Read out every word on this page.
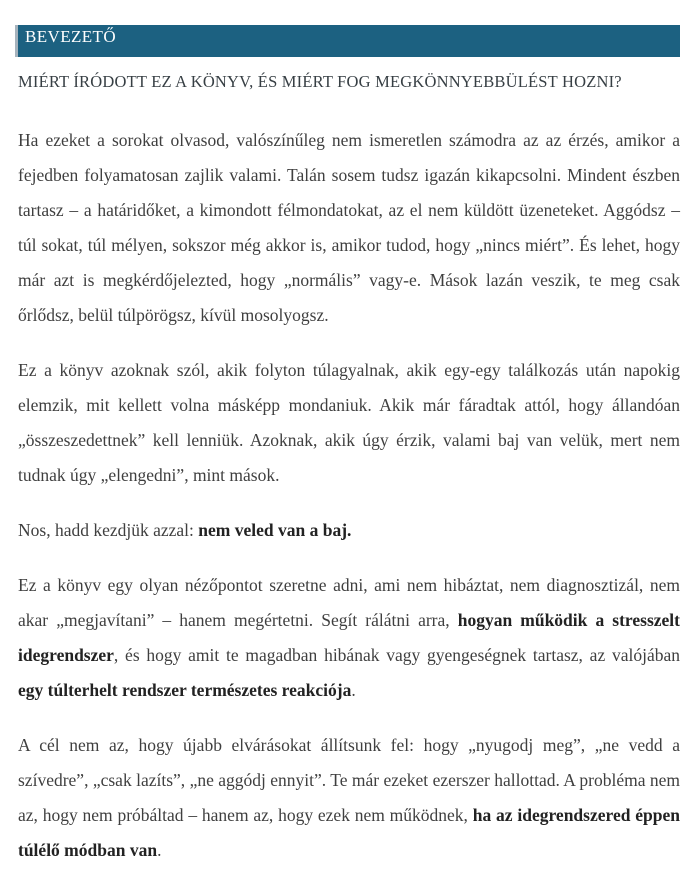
BEVEZETŐ
MIÉRT ÍRÓDOTT EZ A KÖNYV, ÉS MIÉRT FOG MEGKÖNNYEBBÜLÉST HOZNI?

Ha ezeket a sorokat olvasod, valószínűleg nem ismeretlen számodra az az érzés, amikor a fejedben folyamatosan zajlik valami. Talán sosem tudsz igazán kikapcsolni. Mindent észben tartasz – a határidőket, a kimondott félmondatokat, az el nem küldött üzeneteket. Aggódsz – túl sokat, túl mélyen, sokszor még akkor is, amikor tudod, hogy „nincs miért”. És lehet, hogy már azt is megkérdőjelezted, hogy „normális” vagy-e. Mások lazán veszik, te meg csak őrlődsz, belül túlpörögsz, kívül mosolyogsz.

Ez a könyv azoknak szól, akik folyton túlagyalnak, akik egy-egy találkozás után napokig elemzik, mit kellett volna másképp mondaniuk. Akik már fáradtak attól, hogy állandóan „összeszedettnek” kell lenniük. Azoknak, akik úgy érzik, valami baj van velük, mert nem tudnak úgy „elengedni”, mint mások.

Nos, hadd kezdjük azzal: nem veled van a baj.

Ez a könyv egy olyan nézőpontot szeretne adni, ami nem hibáztat, nem diagnosztizál, nem akar „megjavítani” – hanem megértetni. Segít rálátni arra, hogyan működik a stresszelt idegrendszer, és hogy amit te magadban hibának vagy gyengeségnek tartasz, az valójában egy túlterhelt rendszer természetes reakciója.

A cél nem az, hogy újabb elvárásokat állítsunk fel: hogy „nyugodj meg”, „ne vedd a szívedre”, „csak lazíts”, „ne aggódj ennyit”. Te már ezeket ezerszer hallottad. A probléma nem az, hogy nem próbáltad – hanem az, hogy ezek nem működnek, ha az idegrendszered éppen túlélő módban van.
